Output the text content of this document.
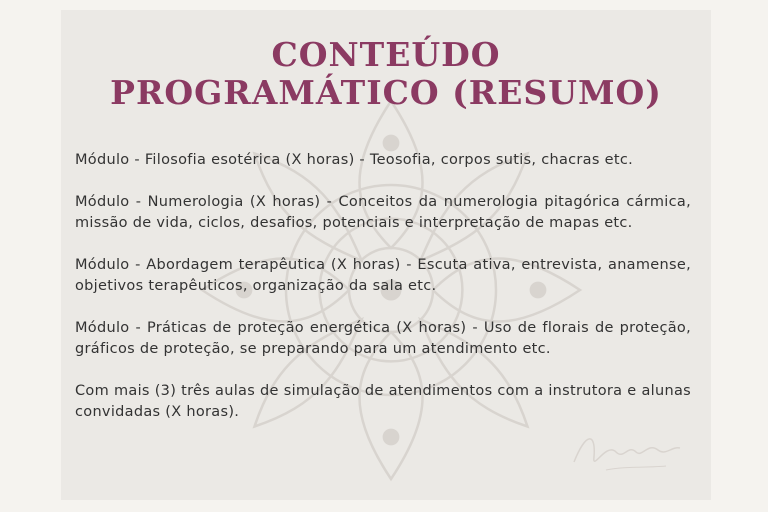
CONTEÚDO
PROGRAMÁTICO (RESUMO)

Módulo - Filosofia esotérica (X horas) - Teosofia, corpos sutis, chacras etc.

Módulo - Numerologia (X horas) - Conceitos da numerologia pitagórica cármica, missão de vida, ciclos, desafios, potenciais e interpretação de mapas etc.

Módulo - Abordagem terapêutica (X horas) - Escuta ativa, entrevista, anamense, objetivos terapêuticos, organização da sala etc.

Módulo - Práticas de proteção energética (X horas) - Uso de florais de proteção, gráficos de proteção, se preparando para um atendimento etc.

Com mais (3) três aulas de simulação de atendimentos com a instrutora e alunas convidadas (X horas).
